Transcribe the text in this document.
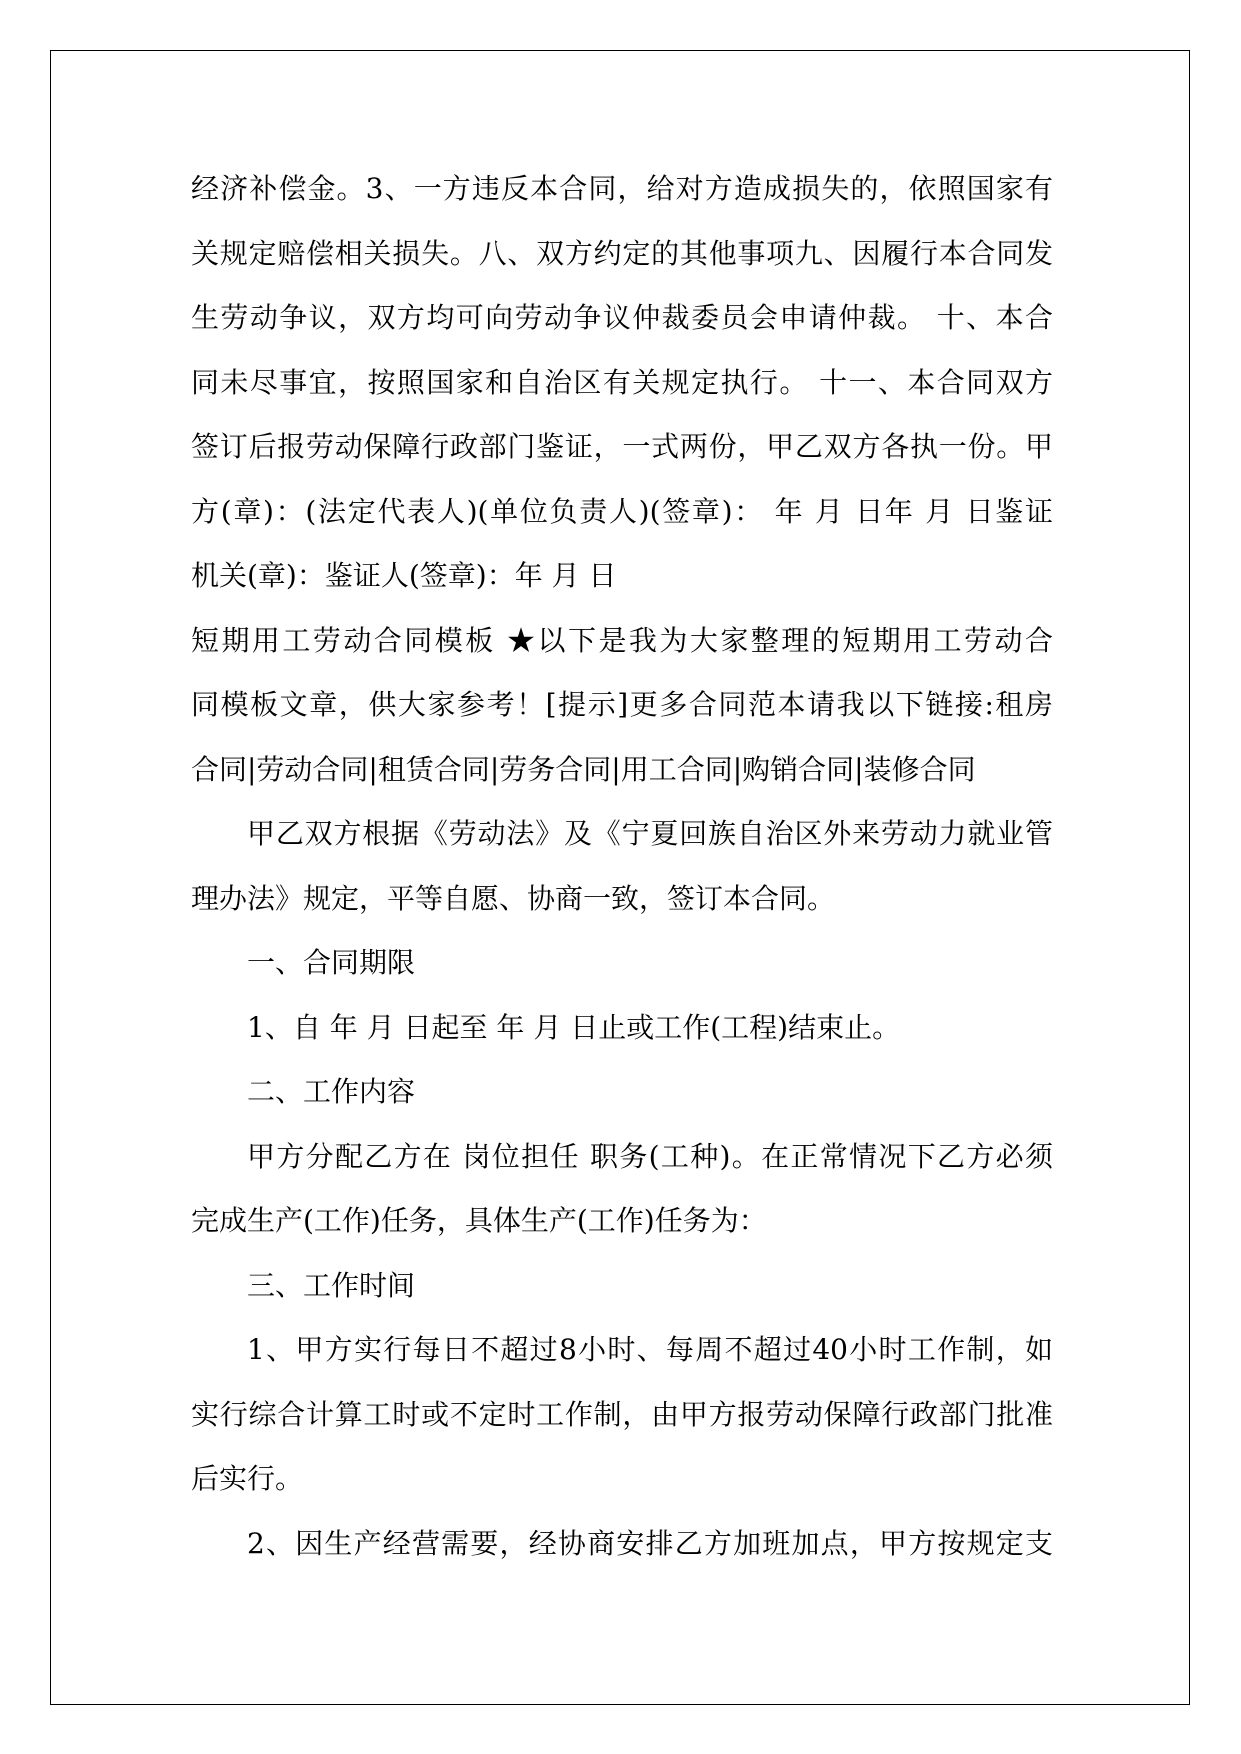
经济补偿金。3、一方违反本合同，给对方造成损失的，依照国家有
关规定赔偿相关损失。八、双方约定的其他事项九、因履行本合同发
生劳动争议，双方均可向劳动争议仲裁委员会申请仲裁。 十、本合
同未尽事宜，按照国家和自治区有关规定执行。 十一、本合同双方
签订后报劳动保障行政部门鉴证，一式两份，甲乙双方各执一份。甲
方(章)：(法定代表人)(单位负责人)(签章)： 年 月 日年 月 日鉴证
机关(章)：鉴证人(签章)：年 月 日
短期用工劳动合同模板 ★以下是我为大家整理的短期用工劳动合
同模板文章，供大家参考！[提示]更多合同范本请我以下链接:租房
合同|劳动合同|租赁合同|劳务合同|用工合同|购销合同|装修合同
甲乙双方根据《劳动法》及《宁夏回族自治区外来劳动力就业管
理办法》规定，平等自愿、协商一致，签订本合同。
一、合同期限
1、自 年 月 日起至 年 月 日止或工作(工程)结束止。
二、工作内容
甲方分配乙方在 岗位担任 职务(工种)。在正常情况下乙方必须
完成生产(工作)任务，具体生产(工作)任务为：
三、工作时间
1、甲方实行每日不超过8小时、每周不超过40小时工作制，如
实行综合计算工时或不定时工作制，由甲方报劳动保障行政部门批准
后实行。
2、因生产经营需要，经协商安排乙方加班加点，甲方按规定支
